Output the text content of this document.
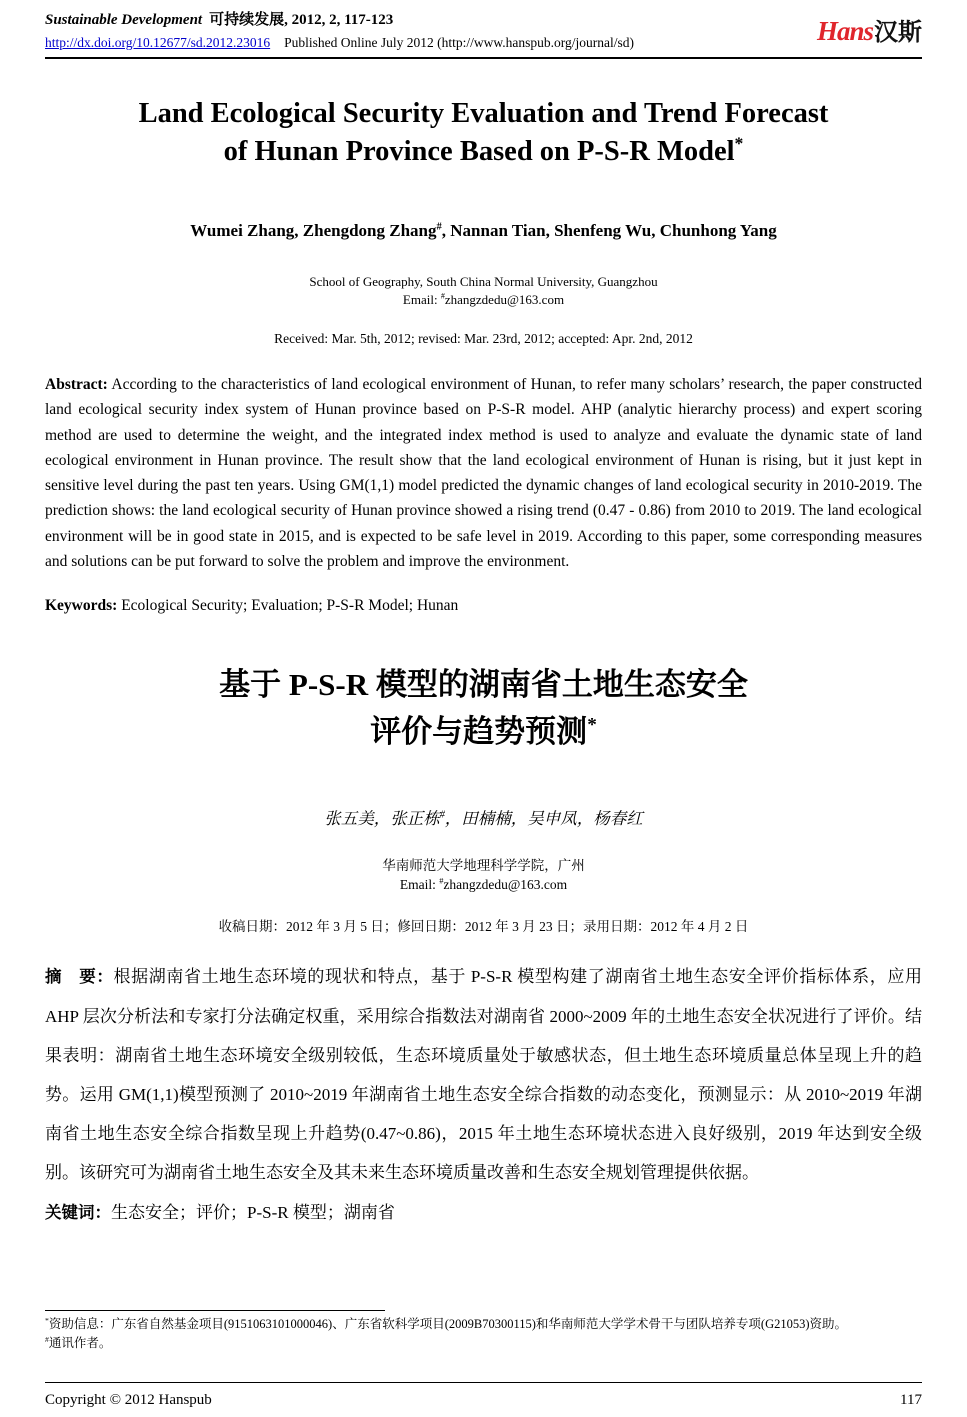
Sustainable Development 可持续发展, 2012, 2, 117-123
http://dx.doi.org/10.12677/sd.2012.23016 Published Online July 2012 (http://www.hanspub.org/journal/sd)	Hans汉斯
Land Ecological Security Evaluation and Trend Forecast
of Hunan Province Based on P-S-R Model*
Wumei Zhang, Zhengdong Zhang#, Nannan Tian, Shenfeng Wu, Chunhong Yang
School of Geography, South China Normal University, Guangzhou
Email: #zhangzdedu@163.com
Received: Mar. 5th, 2012; revised: Mar. 23rd, 2012; accepted: Apr. 2nd, 2012

Abstract: According to the characteristics of land ecological environment of Hunan, to refer many scholars’ research, the paper constructed land ecological security index system of Hunan province based on P-S-R model. AHP (analytic hierarchy process) and expert scoring method are used to determine the weight, and the integrated index method is used to analyze and evaluate the dynamic state of land ecological environment in Hunan province. The result show that the land ecological environment of Hunan is rising, but it just kept in sensitive level during the past ten years. Using GM(1,1) model predicted the dynamic changes of land ecological security in 2010-2019. The prediction shows: the land ecological security of Hunan province showed a rising trend (0.47 - 0.86) from 2010 to 2019. The land ecological environment will be in good state in 2015, and is expected to be safe level in 2019. According to this paper, some corresponding measures and solutions can be put forward to solve the problem and improve the environment.

Keywords: Ecological Security; Evaluation; P-S-R Model; Hunan

基于 P-S-R 模型的湖南省土地生态安全
评价与趋势预测*
张五美，张正栋#，田楠楠，吴申凤，杨春红
华南师范大学地理科学学院，广州
Email: #zhangzdedu@163.com
收稿日期：2012 年 3 月 5 日；修回日期：2012 年 3 月 23 日；录用日期：2012 年 4 月 2 日

摘　要：根据湖南省土地生态环境的现状和特点，基于 P-S-R 模型构建了湖南省土地生态安全评价指标体系，应用 AHP 层次分析法和专家打分法确定权重，采用综合指数法对湖南省 2000~2009 年的土地生态安全状况进行了评价。结果表明：湖南省土地生态环境安全级别较低，生态环境质量处于敏感状态，但土地生态环境质量总体呈现上升的趋势。运用 GM(1,1)模型预测了 2010~2019 年湖南省土地生态安全综合指数的动态变化，预测显示：从 2010~2019 年湖南省土地生态安全综合指数呈现上升趋势(0.47~0.86)，2015 年土地生态环境状态进入良好级别，2019 年达到安全级别。该研究可为湖南省土地生态安全及其未来生态环境质量改善和生态安全规划管理提供依据。

关键词：生态安全；评价；P-S-R 模型；湖南省

*资助信息：广东省自然基金项目(9151063101000046)、广东省软科学项目(2009B70300115)和华南师范大学学术骨干与团队培养专项(G21053)资助。
#通讯作者。
Copyright © 2012 Hanspub	117
